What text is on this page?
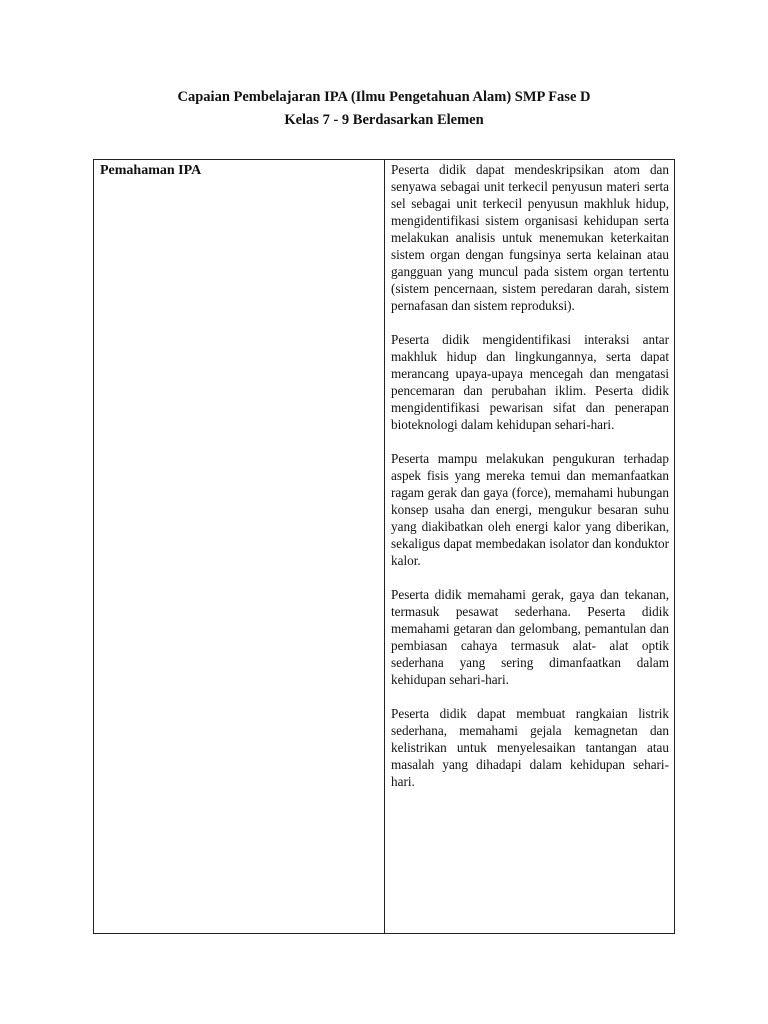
Capaian Pembelajaran IPA (Ilmu Pengetahuan Alam) SMP Fase D
Kelas 7 - 9 Berdasarkan Elemen
Pemahaman IPA	Peserta didik dapat mendeskripsikan atom dan senyawa sebagai unit terkecil penyusun materi serta sel sebagai unit terkecil penyusun makhluk hidup, mengidentifikasi sistem organisasi kehidupan serta melakukan analisis untuk menemukan keterkaitan sistem organ dengan fungsinya serta kelainan atau gangguan yang muncul pada sistem organ tertentu (sistem pencernaan, sistem peredaran darah, sistem pernafasan dan sistem reproduksi).

Peserta didik mengidentifikasi interaksi antar makhluk hidup dan lingkungannya, serta dapat merancang upaya-upaya mencegah dan mengatasi pencemaran dan perubahan iklim. Peserta didik mengidentifikasi pewarisan sifat dan penerapan bioteknologi dalam kehidupan sehari-hari.

Peserta mampu melakukan pengukuran terhadap aspek fisis yang mereka temui dan memanfaatkan ragam gerak dan gaya (force), memahami hubungan konsep usaha dan energi, mengukur besaran suhu yang diakibatkan oleh energi kalor yang diberikan, sekaligus dapat membedakan isolator dan konduktor kalor.

Peserta didik memahami gerak, gaya dan tekanan, termasuk pesawat sederhana. Peserta didik memahami getaran dan gelombang, pemantulan dan pembiasan cahaya termasuk alat- alat optik sederhana yang sering dimanfaatkan dalam kehidupan sehari-hari.

Peserta didik dapat membuat rangkaian listrik sederhana, memahami gejala kemagnetan dan kelistrikan untuk menyelesaikan tantangan atau masalah yang dihadapi dalam kehidupan sehari- hari.
